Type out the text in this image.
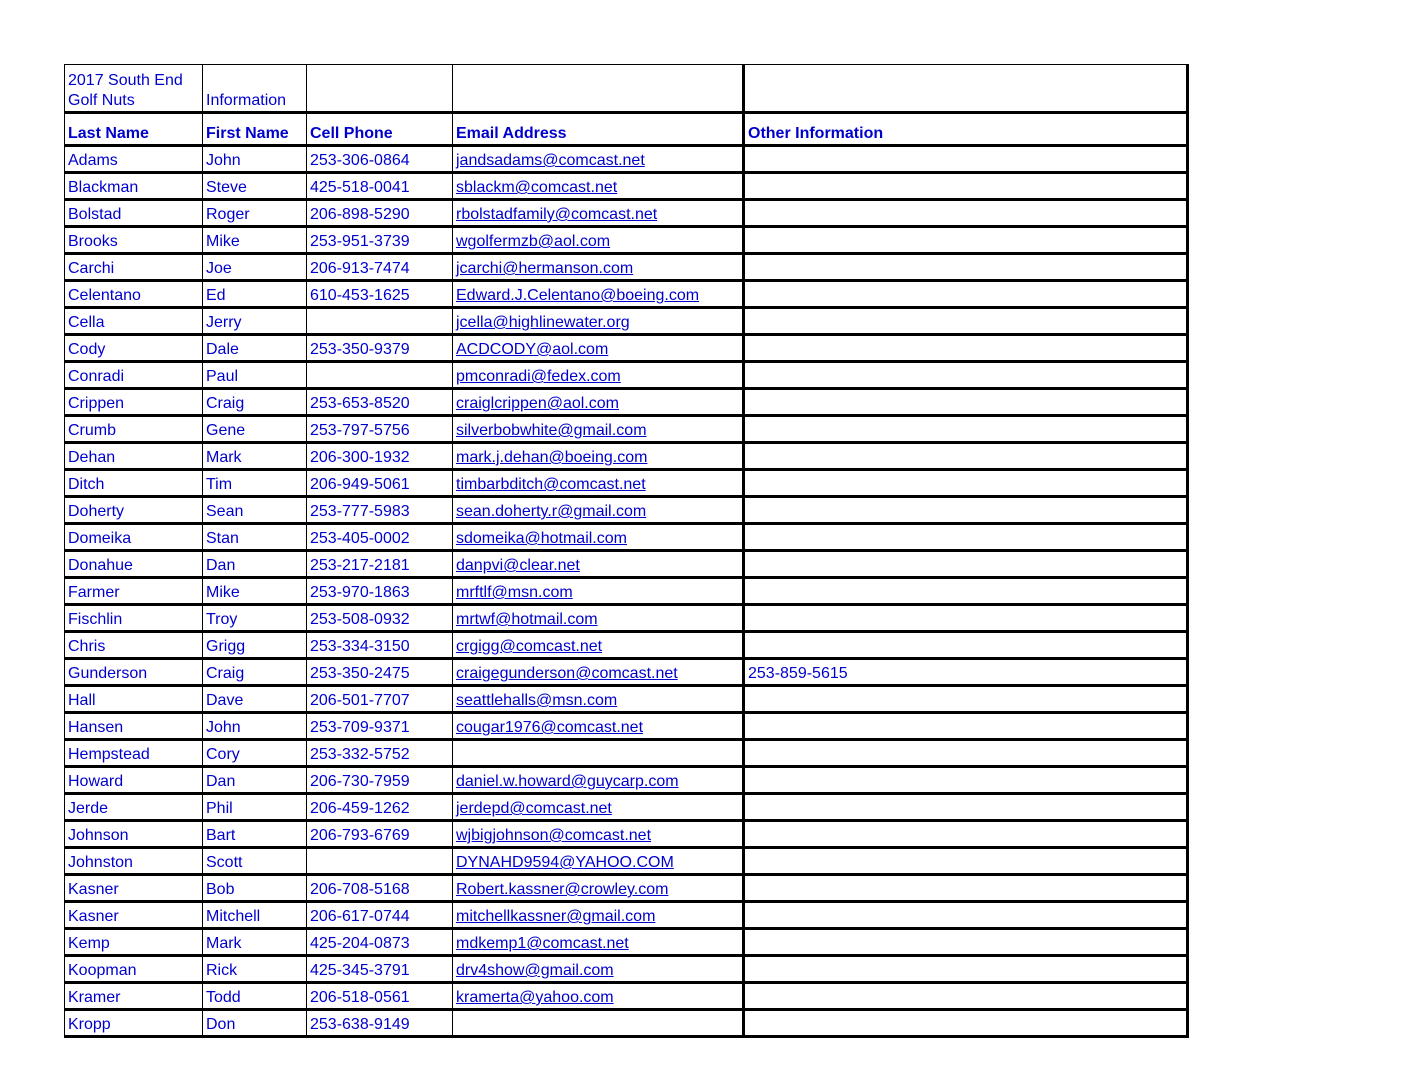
2017 South End Golf Nuts	Information			
Last Name	First Name	Cell Phone	Email Address	Other Information
Adams	John	253-306-0864	jandsadams@comcast.net	
Blackman	Steve	425-518-0041	sblackm@comcast.net	
Bolstad	Roger	206-898-5290	rbolstadfamily@comcast.net	
Brooks	Mike	253-951-3739	wgolfermzb@aol.com	
Carchi	Joe	206-913-7474	jcarchi@hermanson.com	
Celentano	Ed	610-453-1625	Edward.J.Celentano@boeing.com	
Cella	Jerry		jcella@highlinewater.org	
Cody	Dale	253-350-9379	ACDCODY@aol.com	
Conradi	Paul		pmconradi@fedex.com	
Crippen	Craig	253-653-8520	craiglcrippen@aol.com	
Crumb	Gene	253-797-5756	silverbobwhite@gmail.com	
Dehan	Mark	206-300-1932	mark.j.dehan@boeing.com	
Ditch	Tim	206-949-5061	timbarbditch@comcast.net	
Doherty	Sean	253-777-5983	sean.doherty.r@gmail.com	
Domeika	Stan	253-405-0002	sdomeika@hotmail.com	
Donahue	Dan	253-217-2181	danpvi@clear.net	
Farmer	Mike	253-970-1863	mrftlf@msn.com	
Fischlin	Troy	253-508-0932	mrtwf@hotmail.com	
Chris	Grigg	253-334-3150	crgigg@comcast.net	
Gunderson	Craig	253-350-2475	craigegunderson@comcast.net	253-859-5615
Hall	Dave	206-501-7707	seattlehalls@msn.com	
Hansen	John	253-709-9371	cougar1976@comcast.net	
Hempstead	Cory	253-332-5752		
Howard	Dan	206-730-7959	daniel.w.howard@guycarp.com	
Jerde	Phil	206-459-1262	jerdepd@comcast.net	
Johnson	Bart	206-793-6769	wjbigjohnson@comcast.net	
Johnston	Scott		DYNAHD9594@YAHOO.COM	
Kasner	Bob	206-708-5168	Robert.kassner@crowley.com	
Kasner	Mitchell	206-617-0744	mitchellkassner@gmail.com	
Kemp	Mark	425-204-0873	mdkemp1@comcast.net	
Koopman	Rick	425-345-3791	drv4show@gmail.com	
Kramer	Todd	206-518-0561	kramerta@yahoo.com	
Kropp	Don	253-638-9149		
